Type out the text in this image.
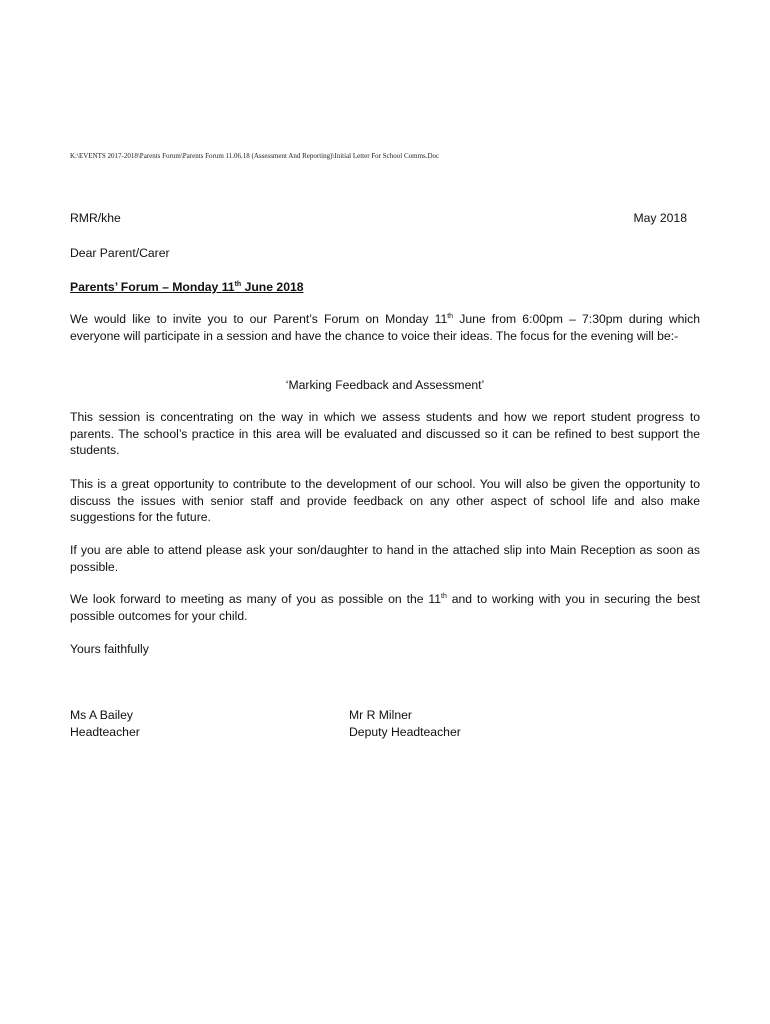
K:\EVENTS 2017-2018\Parents Forum\Parents Forum 11.06.18 (Assessment And Reporting)\Initial Letter For School Comms.Doc
RMR/khe	May 2018
Dear Parent/Carer
Parents’ Forum – Monday 11th June 2018
We would like to invite you to our Parent’s Forum on Monday 11th June from 6:00pm – 7:30pm during which everyone will participate in a session and have the chance to voice their ideas. The focus for the evening will be:-
‘Marking Feedback and Assessment’
This session is concentrating on the way in which we assess students and how we report student progress to parents. The school’s practice in this area will be evaluated and discussed so it can be refined to best support the students.
This is a great opportunity to contribute to the development of our school. You will also be given the opportunity to discuss the issues with senior staff and provide feedback on any other aspect of school life and also make suggestions for the future.
If you are able to attend please ask your son/daughter to hand in the attached slip into Main Reception as soon as possible.
We look forward to meeting as many of you as possible on the 11th and to working with you in securing the best possible outcomes for your child.
Yours faithfully
Ms A Bailey
Headteacher
Mr R Milner
Deputy Headteacher
